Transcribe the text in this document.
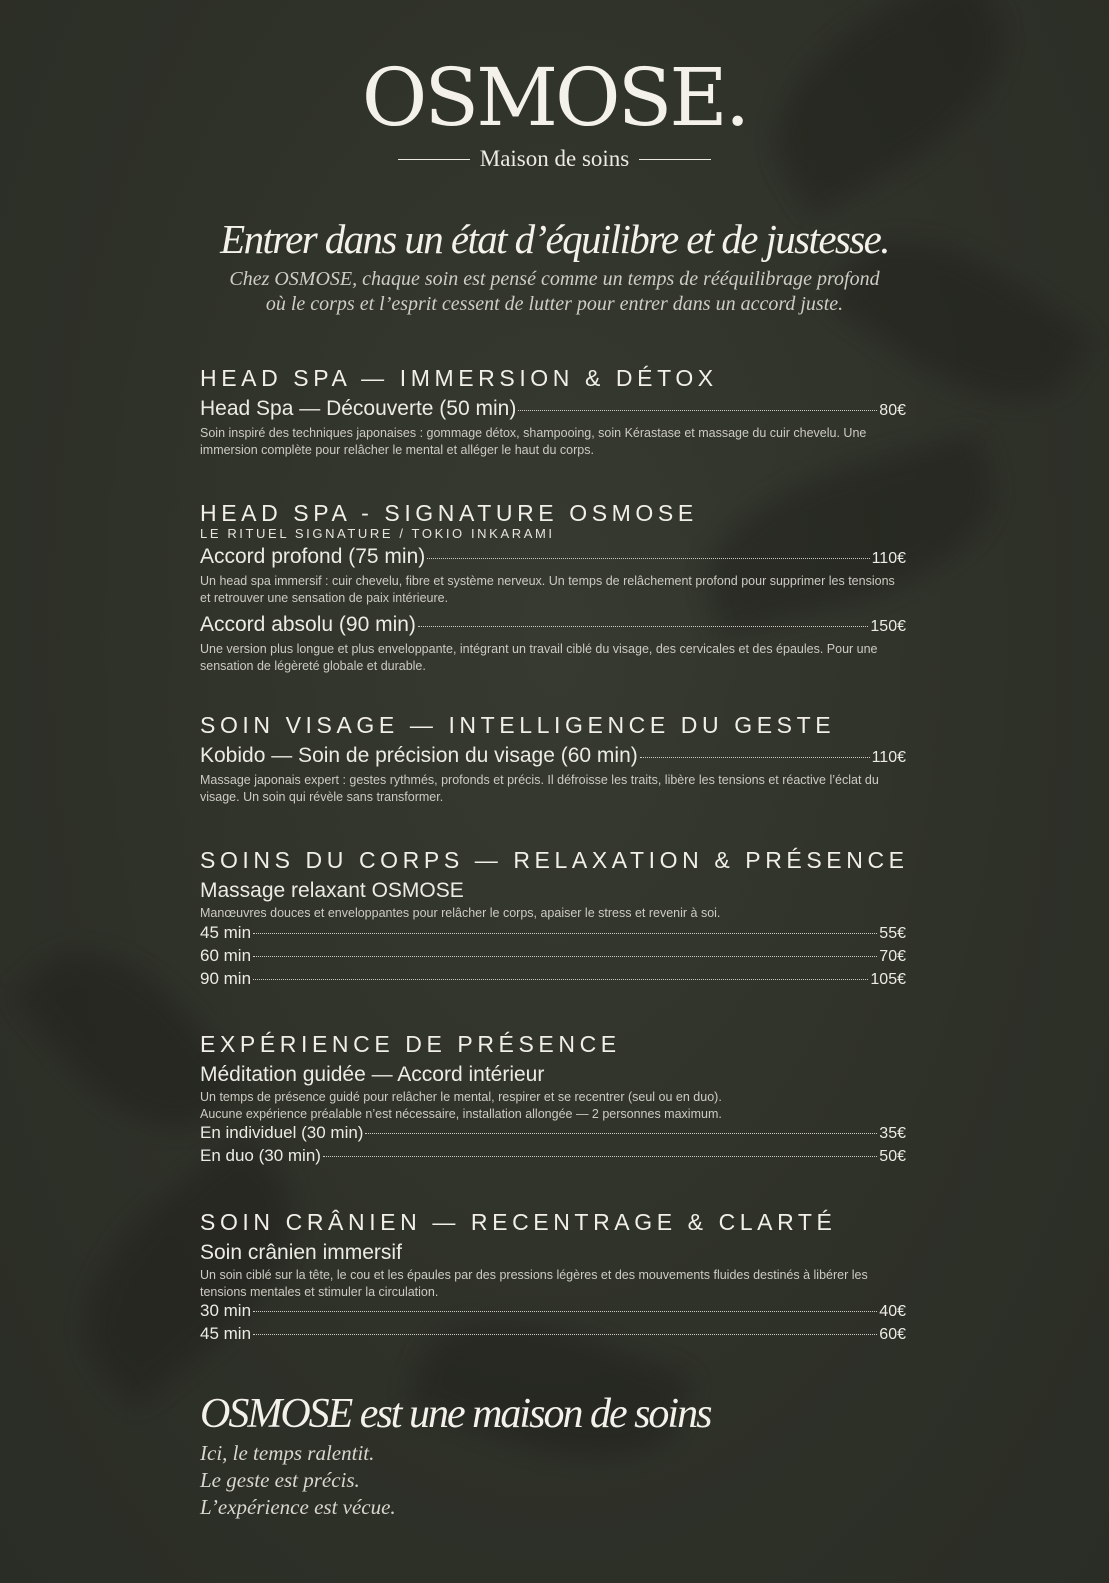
OSMOSE.
Maison de soins
Entrer dans un état d’équilibre et de justesse.

Chez OSMOSE, chaque soin est pensé comme un temps de rééquilibrage profond
où le corps et l’esprit cessent de lutter pour entrer dans un accord juste.

HEAD SPA — IMMERSION & DÉTOX
Head Spa — Découverte (50 min)	80€
Soin inspiré des techniques japonaises : gommage détox, shampooing, soin Kérastase et massage du cuir chevelu. Une immersion complète pour relâcher le mental et alléger le haut du corps.
HEAD SPA - SIGNATURE OSMOSE
LE RITUEL SIGNATURE / TOKIO INKARAMI
Accord profond (75 min)	110€
Un head spa immersif : cuir chevelu, fibre et système nerveux. Un temps de relâchement profond pour supprimer les tensions et retrouver une sensation de paix intérieure.
Accord absolu (90 min)	150€
Une version plus longue et plus enveloppante, intégrant un travail ciblé du visage, des cervicales et des épaules. Pour une sensation de légèreté globale et durable.
SOIN VISAGE — INTELLIGENCE DU GESTE
Kobido — Soin de précision du visage (60 min)	110€
Massage japonais expert : gestes rythmés, profonds et précis. Il défroisse les traits, libère les tensions et réactive l’éclat du visage. Un soin qui révèle sans transformer.
SOINS DU CORPS — RELAXATION & PRÉSENCE
Massage relaxant OSMOSE
Manœuvres douces et enveloppantes pour relâcher le corps, apaiser le stress et revenir à soi.
45 min	55€
60 min	70€
90 min	105€
EXPÉRIENCE DE PRÉSENCE
Méditation guidée — Accord intérieur
Un temps de présence guidé pour relâcher le mental, respirer et se recentrer (seul ou en duo).
Aucune expérience préalable n’est nécessaire, installation allongée — 2 personnes maximum.
En individuel (30 min)	35€
En duo (30 min)	50€
SOIN CRÂNIEN — RECENTRAGE & CLARTÉ
Soin crânien immersif
Un soin ciblé sur la tête, le cou et les épaules par des pressions légères et des mouvements fluides destinés à libérer les tensions mentales et stimuler la circulation.
30 min	40€
45 min	60€
OSMOSE est une maison de soins
Ici, le temps ralentit.
Le geste est précis.
L’expérience est vécue.
